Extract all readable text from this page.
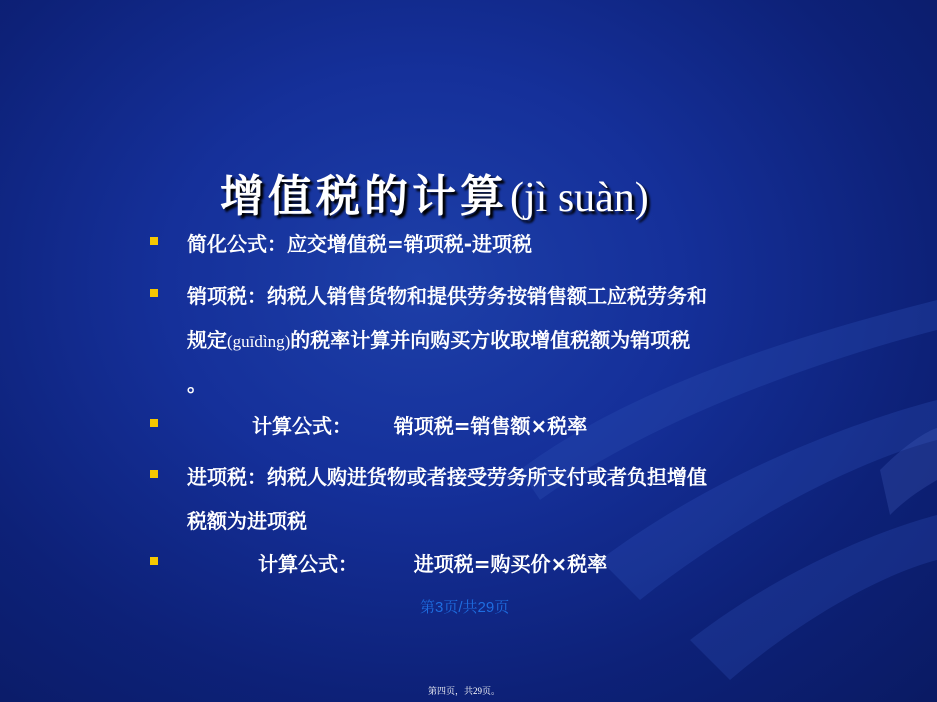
增值税的计算(jì suàn)
简化公式：应交增值税=销项税-进项税
销项税：纳税人销售货物和提供劳务按销售额工应税劳务和
规定(guīdìng)的税率计算并向购买方收取增值税额为销项税
。
计算公式：      销项税=销售额×税率
进项税：纳税人购进货物或者接受劳务所支付或者负担增值
税额为进项税
计算公式：        进项税=购买价×税率
第3页/共29页
第四页，共29页。
